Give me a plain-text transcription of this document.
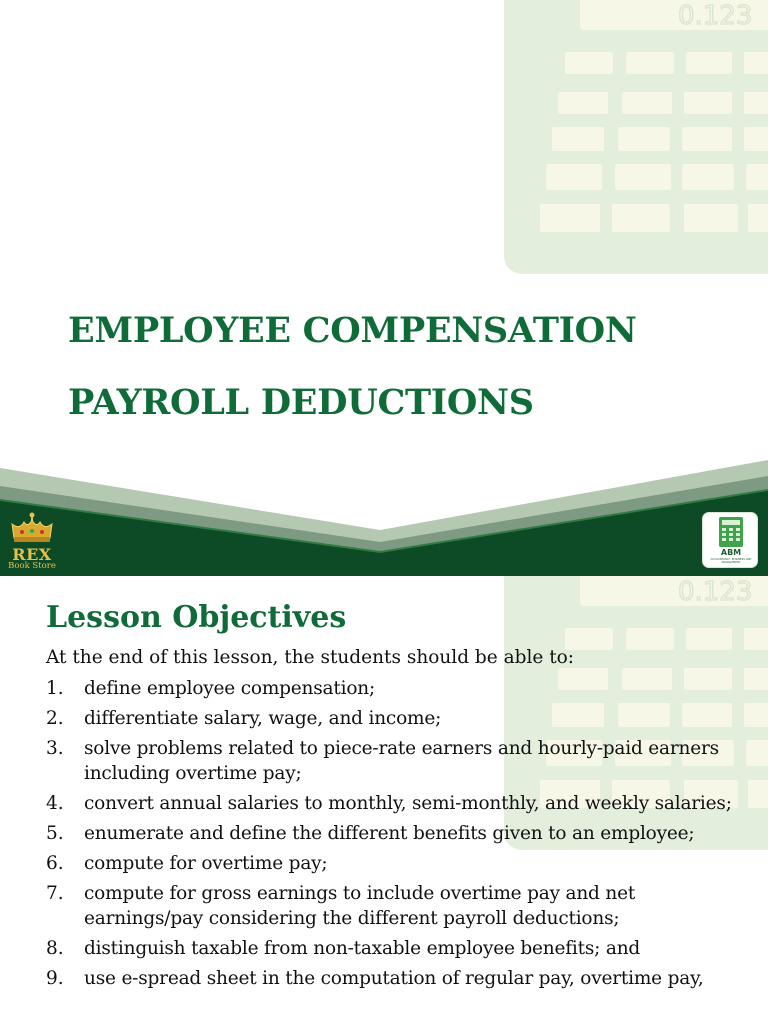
0.123
EMPLOYEE COMPENSATION
PAYROLL DEDUCTIONS
REX
Book Store
ABM
ACCOUNTANCY, BUSINESS AND MANAGEMENT
0.123
Lesson Objectives
At the end of this lesson, the students should be able to:
1.	define employee compensation;
2.	differentiate salary, wage, and income;
3.	solve problems related to piece-rate earners and hourly-paid earners including overtime pay;
4.	convert annual salaries to monthly, semi-monthly, and weekly salaries;
5.	enumerate and define the different benefits given to an employee;
6.	compute for overtime pay;
7.	compute for gross earnings to include overtime pay and net earnings/pay considering the different payroll deductions;
8.	distinguish taxable from non-taxable employee benefits; and
9.	use e-spread sheet in the computation of regular pay, overtime pay,
